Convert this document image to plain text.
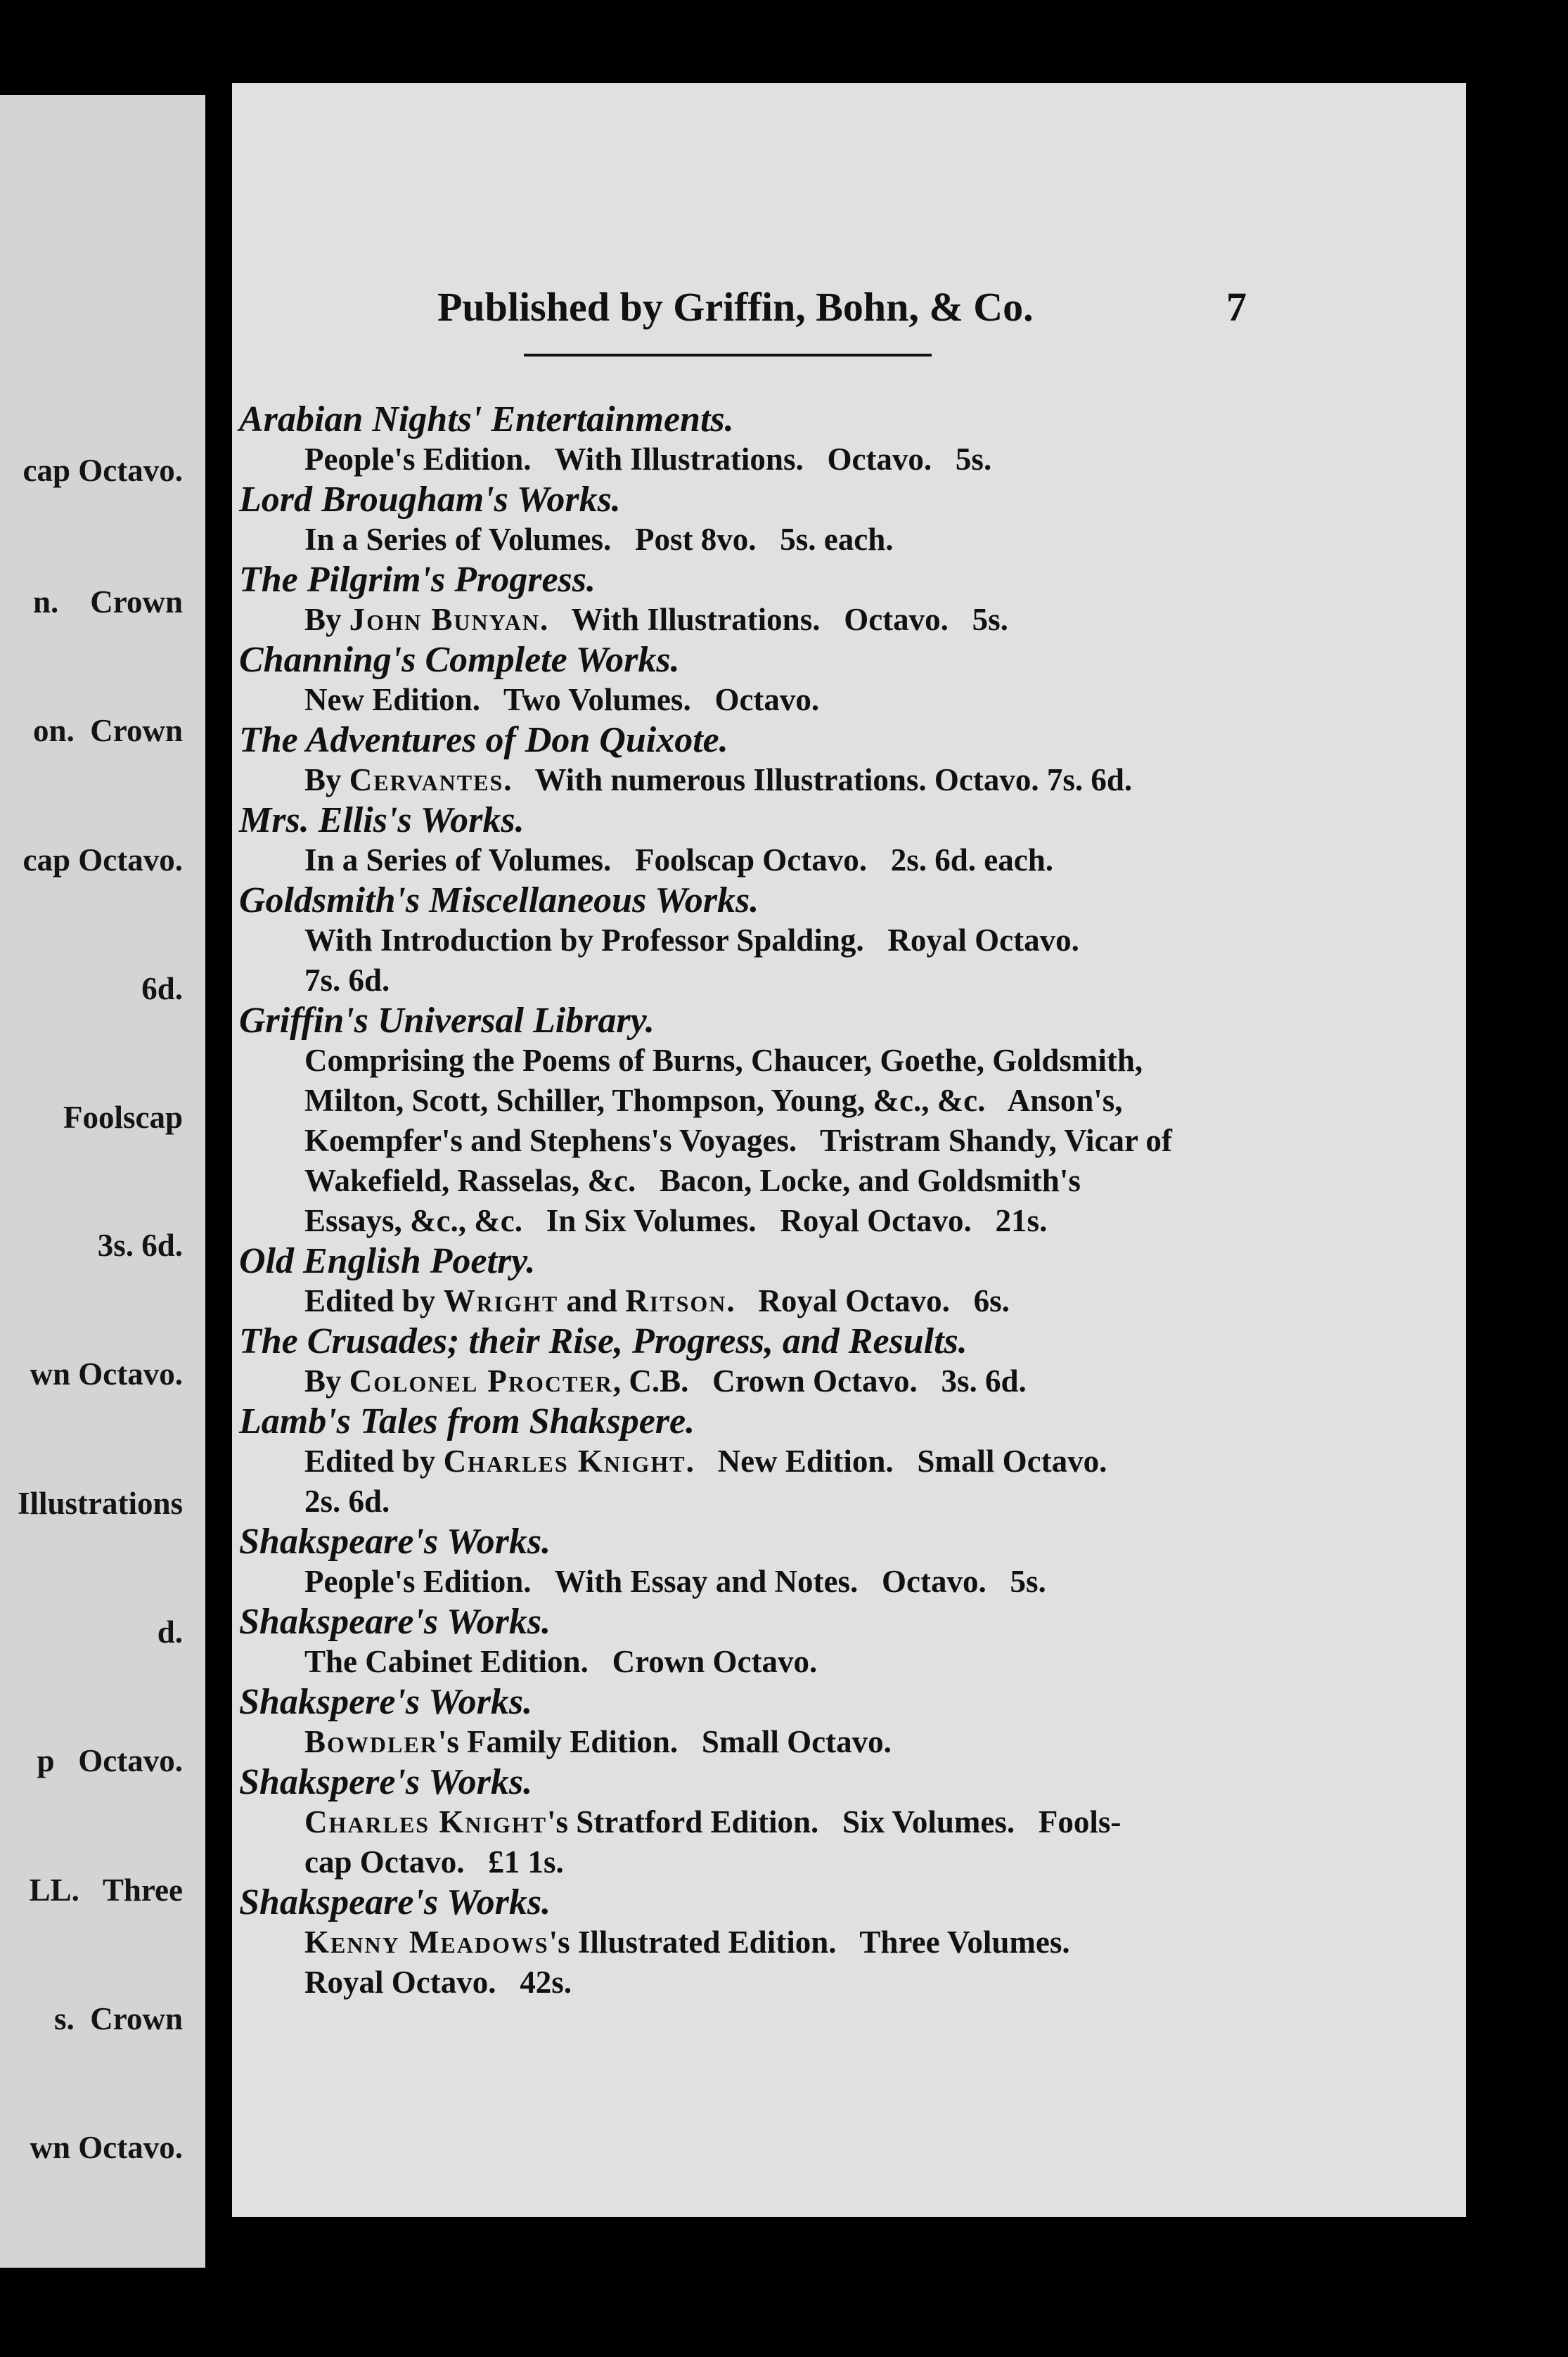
cap Octavo.
n.    Crown
on.  Crown
cap Octavo.
6d.
Foolscap
3s. 6d.
wn Octavo.
Illustrations
d.
p   Octavo.
LL.   Three
s.  Crown
wn Octavo.
Published by Griffin, Bohn, & Co.	7
Arabian Nights' Entertainments.
People's Edition.   With Illustrations.   Octavo.   5s.
Lord Brougham's Works.
In a Series of Volumes.   Post 8vo.   5s. each.
The Pilgrim's Progress.
By John Bunyan.   With Illustrations.   Octavo.   5s.
Channing's Complete Works.
New Edition.   Two Volumes.   Octavo.
The Adventures of Don Quixote.
By Cervantes.   With numerous Illustrations. Octavo. 7s. 6d.
Mrs. Ellis's Works.
In a Series of Volumes.   Foolscap Octavo.   2s. 6d. each.
Goldsmith's Miscellaneous Works.
With Introduction by Professor Spalding.   Royal Octavo.
7s. 6d.
Griffin's Universal Library.
Comprising the Poems of Burns, Chaucer, Goethe, Goldsmith,
Milton, Scott, Schiller, Thompson, Young, &c., &c.   Anson's,
Koempfer's and Stephens's Voyages.   Tristram Shandy, Vicar of
Wakefield, Rasselas, &c.   Bacon, Locke, and Goldsmith's
Essays, &c., &c.   In Six Volumes.   Royal Octavo.   21s.
Old English Poetry.
Edited by Wright and Ritson.   Royal Octavo.   6s.
The Crusades; their Rise, Progress, and Results.
By Colonel Procter, C.B.   Crown Octavo.   3s. 6d.
Lamb's Tales from Shakspere.
Edited by Charles Knight.   New Edition.   Small Octavo.
2s. 6d.
Shakspeare's Works.
People's Edition.   With Essay and Notes.   Octavo.   5s.
Shakspeare's Works.
The Cabinet Edition.   Crown Octavo.
Shakspere's Works.
Bowdler's Family Edition.   Small Octavo.
Shakspere's Works.
Charles Knight's Stratford Edition.   Six Volumes.   Fools-
cap Octavo.   £1 1s.
Shakspeare's Works.
Kenny Meadows's Illustrated Edition.   Three Volumes.
Royal Octavo.   42s.
